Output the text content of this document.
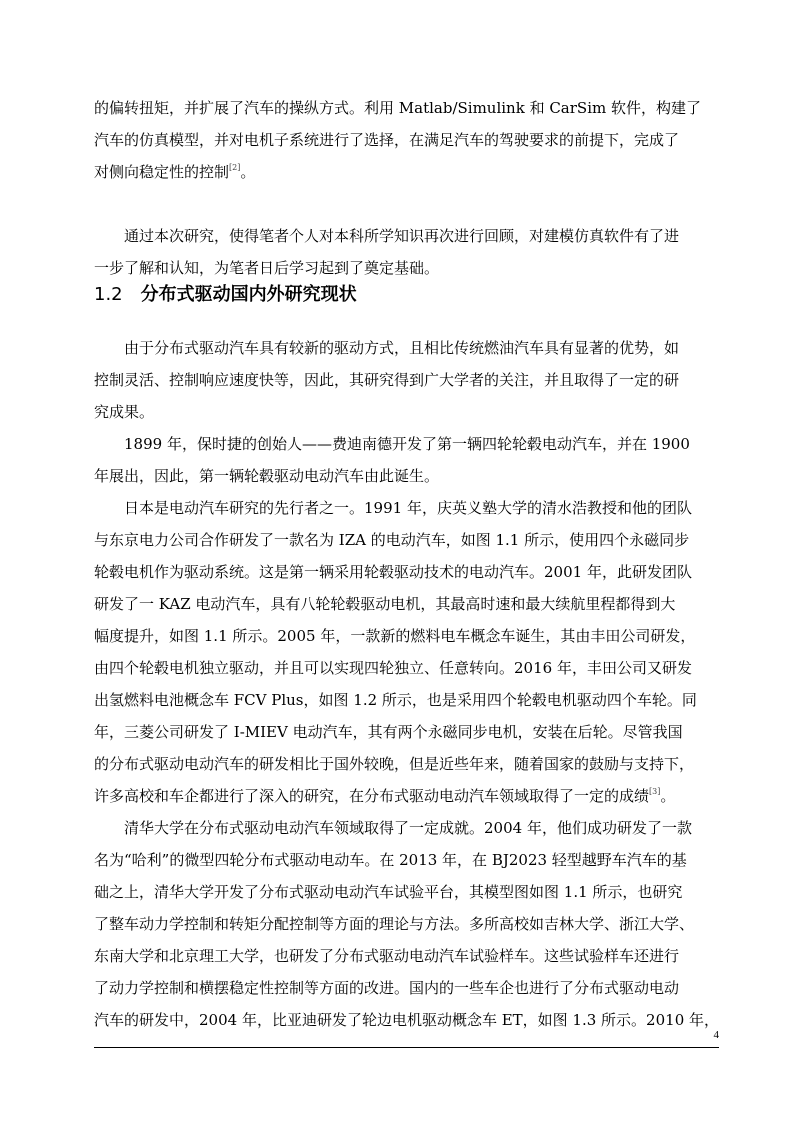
的偏转扭矩，并扩展了汽车的操纵方式。利用 Matlab/Simulink 和 CarSim 软件，构建了
汽车的仿真模型，并对电机子系统进行了选择，在满足汽车的驾驶要求的前提下，完成了
对侧向稳定性的控制[2]。
通过本次研究，使得笔者个人对本科所学知识再次进行回顾，对建模仿真软件有了进
一步了解和认知，为笔者日后学习起到了奠定基础。
1.2 分布式驱动国内外研究现状
由于分布式驱动汽车具有较新的驱动方式，且相比传统燃油汽车具有显著的优势，如
控制灵活、控制响应速度快等，因此，其研究得到广大学者的关注，并且取得了一定的研
究成果。
1899 年，保时捷的创始人——费迪南德开发了第一辆四轮轮毂电动汽车，并在 1900
年展出，因此，第一辆轮毂驱动电动汽车由此诞生。
日本是电动汽车研究的先行者之一。1991 年，庆英义塾大学的清水浩教授和他的团队
与东京电力公司合作研发了一款名为 IZA 的电动汽车，如图 1.1 所示，使用四个永磁同步
轮毂电机作为驱动系统。这是第一辆采用轮毂驱动技术的电动汽车。2001 年，此研发团队
研发了一 KAZ 电动汽车，具有八轮轮毂驱动电机，其最高时速和最大续航里程都得到大
幅度提升，如图 1.1 所示。2005 年，一款新的燃料电车概念车诞生，其由丰田公司研发，
由四个轮毂电机独立驱动，并且可以实现四轮独立、任意转向。2016 年，丰田公司又研发
出氢燃料电池概念车 FCV Plus，如图 1.2 所示，也是采用四个轮毂电机驱动四个车轮。同
年，三菱公司研发了 I-MIEV 电动汽车，其有两个永磁同步电机，安装在后轮。尽管我国
的分布式驱动电动汽车的研发相比于国外较晚，但是近些年来，随着国家的鼓励与支持下，
许多高校和车企都进行了深入的研究，在分布式驱动电动汽车领域取得了一定的成绩[3]。
清华大学在分布式驱动电动汽车领域取得了一定成就。2004 年，他们成功研发了一款
名为“哈利”的微型四轮分布式驱动电动车。在 2013 年，在 BJ2023 轻型越野车汽车的基
础之上，清华大学开发了分布式驱动电动汽车试验平台，其模型图如图 1.1 所示，也研究
了整车动力学控制和转矩分配控制等方面的理论与方法。多所高校如吉林大学、浙江大学、
东南大学和北京理工大学，也研发了分布式驱动电动汽车试验样车。这些试验样车还进行
了动力学控制和横摆稳定性控制等方面的改进。国内的一些车企也进行了分布式驱动电动
汽车的研发中，2004 年，比亚迪研发了轮边电机驱动概念车 ET，如图 1.3 所示。2010 年，
4
